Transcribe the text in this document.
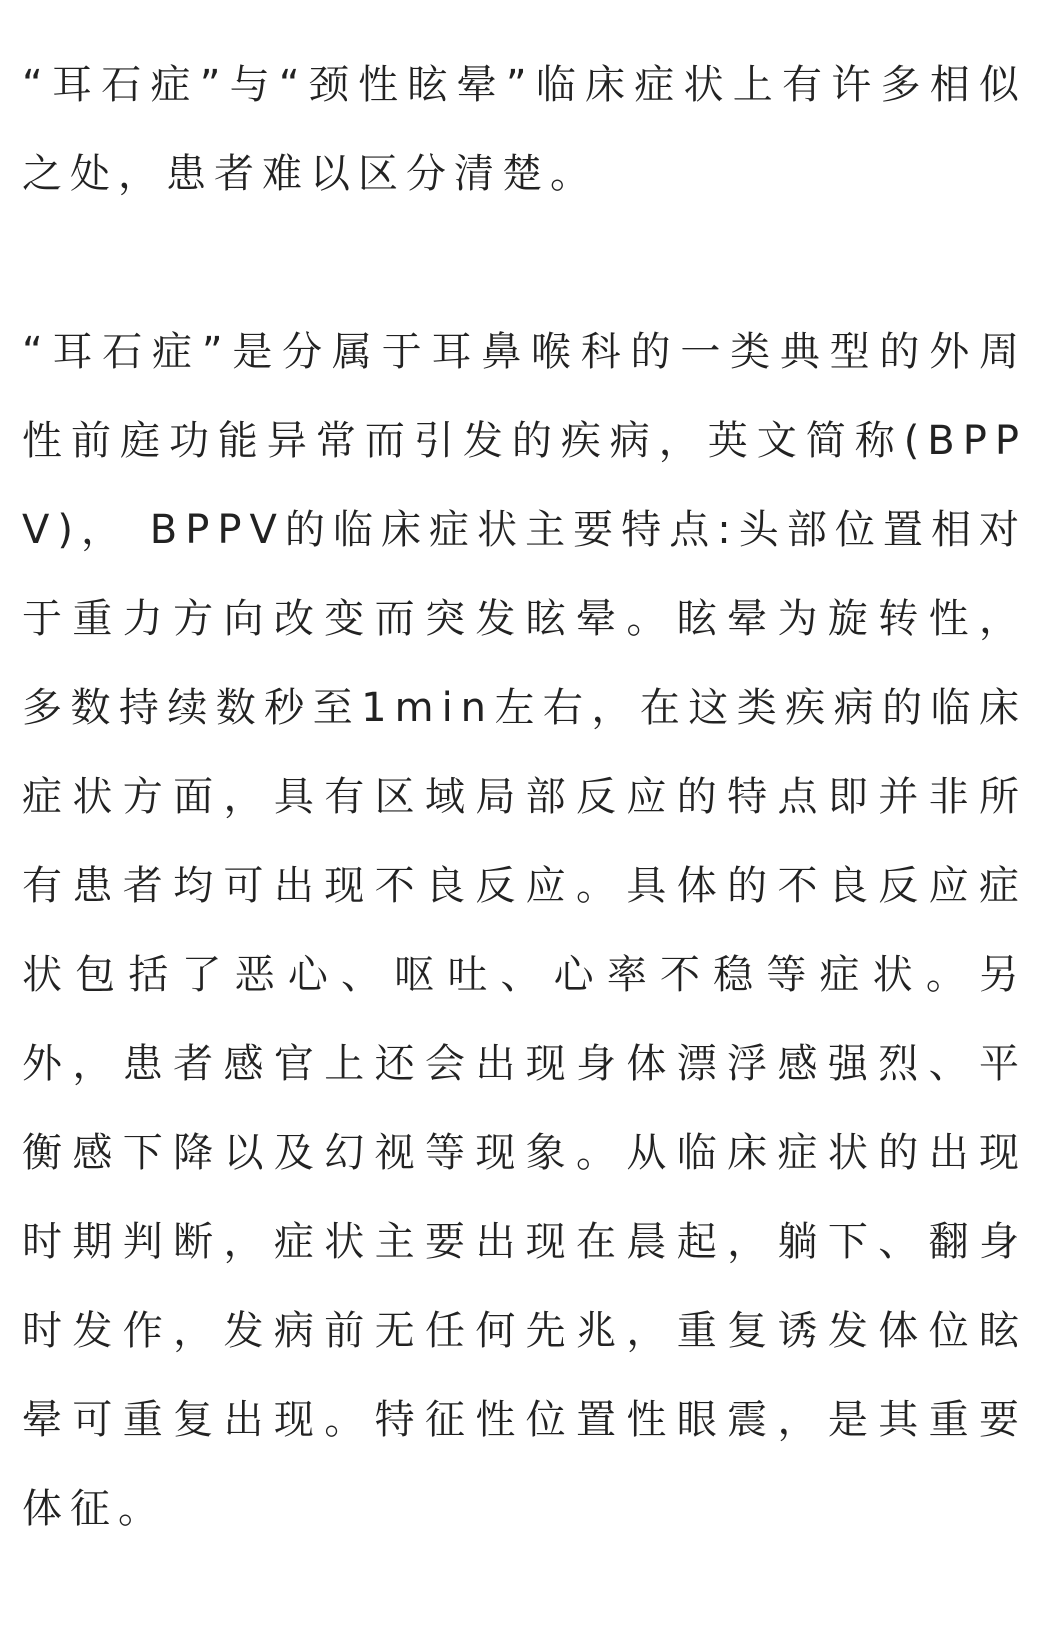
“耳石症”与“颈性眩晕”临床症状上有许多相似之处，患者难以区分清楚。

“耳石症”是分属于耳鼻喉科的一类典型的外周性前庭功能异常而引发的疾病，英文简称(BPPV)， BPPV的临床症状主要特点:头部位置相对于重力方向改变而突发眩晕。眩晕为旋转性，多数持续数秒至1min左右，在这类疾病的临床症状方面，具有区域局部反应的特点即并非所有患者均可出现不良反应。具体的不良反应症状包括了恶心、呕吐、心率不稳等症状。另外，患者感官上还会出现身体漂浮感强烈、平衡感下降以及幻视等现象。从临床症状的出现时期判断，症状主要出现在晨起，躺下、翻身时发作，发病前无任何先兆，重复诱发体位眩晕可重复出现。特征性位置性眼震，是其重要体征。
